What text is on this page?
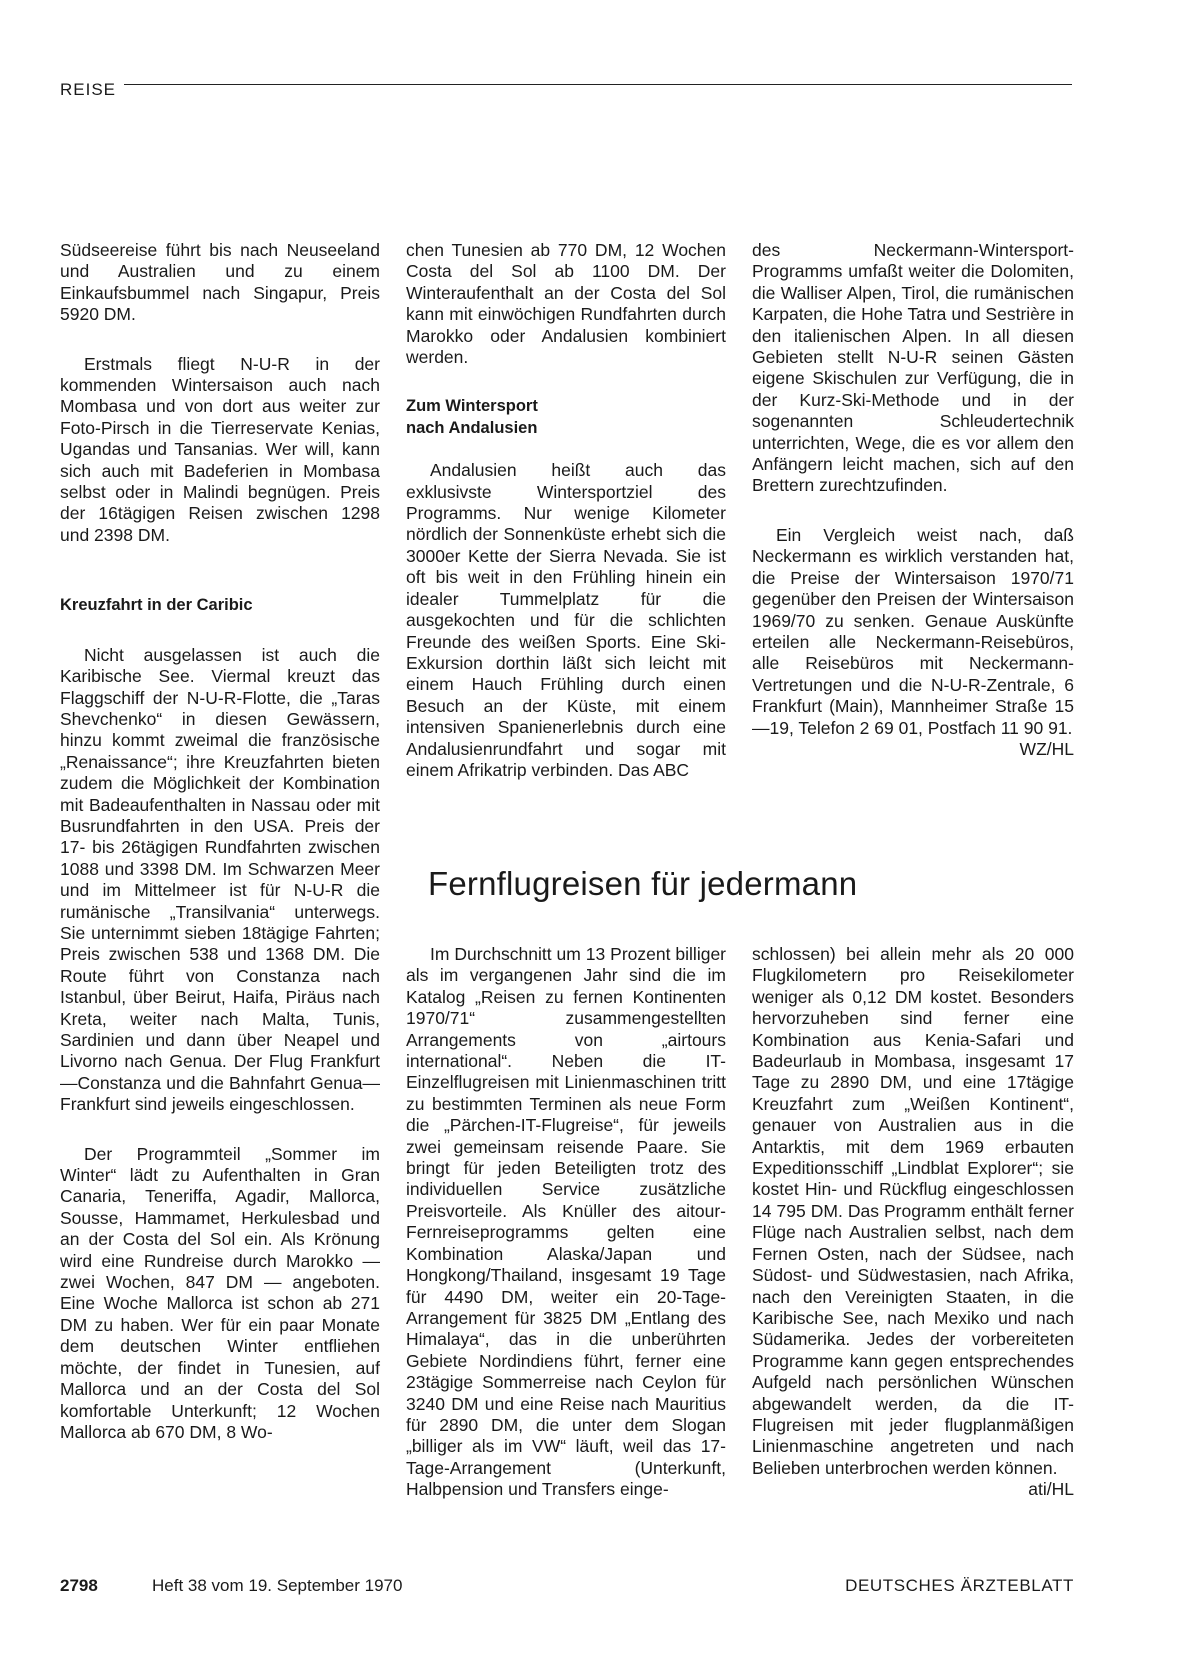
REISE

Südseereise führt bis nach Neuseeland und Australien und zu einem Einkaufsbummel nach Singapur, Preis 5920 DM.

Erstmals fliegt N-U-R in der kommenden Wintersaison auch nach Mombasa und von dort aus weiter zur Foto-Pirsch in die Tierreservate Kenias, Ugandas und Tansanias. Wer will, kann sich auch mit Badeferien in Mombasa selbst oder in Malindi begnügen. Preis der 16tägigen Reisen zwischen 1298 und 2398 DM.

Kreuzfahrt in der Caribic

Nicht ausgelassen ist auch die Karibische See. Viermal kreuzt das Flaggschiff der N-U-R-Flotte, die „Taras Shevchenko“ in diesen Gewässern, hinzu kommt zweimal die französische „Renaissance“; ihre Kreuzfahrten bieten zudem die Möglichkeit der Kombination mit Badeaufenthalten in Nassau oder mit Busrundfahrten in den USA. Preis der 17- bis 26tägigen Rundfahrten zwischen 1088 und 3398 DM. Im Schwarzen Meer und im Mittelmeer ist für N-U-R die rumänische „Transilvania“ unterwegs. Sie unternimmt sieben 18tägige Fahrten; Preis zwischen 538 und 1368 DM. Die Route führt von Constanza nach Istanbul, über Beirut, Haifa, Piräus nach Kreta, weiter nach Malta, Tunis, Sardinien und dann über Neapel und Livorno nach Genua. Der Flug Frankfurt—Constanza und die Bahnfahrt Genua—Frankfurt sind jeweils eingeschlossen.

Der Programmteil „Sommer im Winter“ lädt zu Aufenthalten in Gran Canaria, Teneriffa, Agadir, Mallorca, Sousse, Hammamet, Herkulesbad und an der Costa del Sol ein. Als Krönung wird eine Rundreise durch Marokko — zwei Wochen, 847 DM — angeboten. Eine Woche Mallorca ist schon ab 271 DM zu haben. Wer für ein paar Monate dem deutschen Winter entfliehen möchte, der findet in Tunesien, auf Mallorca und an der Costa del Sol komfortable Unterkunft; 12 Wochen Mallorca ab 670 DM, 8 Wo-

chen Tunesien ab 770 DM, 12 Wochen Costa del Sol ab 1100 DM. Der Winteraufenthalt an der Costa del Sol kann mit einwöchigen Rundfahrten durch Marokko oder Andalusien kombiniert werden.

Zum Wintersport
nach Andalusien

Andalusien heißt auch das exklusivste Wintersportziel des Programms. Nur wenige Kilometer nördlich der Sonnenküste erhebt sich die 3000er Kette der Sierra Nevada. Sie ist oft bis weit in den Frühling hinein ein idealer Tummelplatz für die ausgekochten und für die schlichten Freunde des weißen Sports. Eine Ski-Exkursion dorthin läßt sich leicht mit einem Hauch Frühling durch einen Besuch an der Küste, mit einem intensiven Spanienerlebnis durch eine Andalusienrundfahrt und sogar mit einem Afrikatrip verbinden. Das ABC

des Neckermann-Wintersport-Programms umfaßt weiter die Dolomiten, die Walliser Alpen, Tirol, die rumänischen Karpaten, die Hohe Tatra und Sestrière in den italienischen Alpen. In all diesen Gebieten stellt N-U-R seinen Gästen eigene Skischulen zur Verfügung, die in der Kurz-Ski-Methode und in der sogenannten Schleudertechnik unterrichten, Wege, die es vor allem den Anfängern leicht machen, sich auf den Brettern zurechtzufinden.

Ein Vergleich weist nach, daß Neckermann es wirklich verstanden hat, die Preise der Wintersaison 1970/71 gegenüber den Preisen der Wintersaison 1969/70 zu senken. Genaue Auskünfte erteilen alle Neckermann-Reisebüros, alle Reisebüros mit Neckermann-Vertretungen und die N-U-R-Zentrale, 6 Frankfurt (Main), Mannheimer Straße 15—19, Telefon 2 69 01, Postfach 11 90 91.
WZ/HL

Fernflugreisen für jedermann

Im Durchschnitt um 13 Prozent billiger als im vergangenen Jahr sind die im Katalog „Reisen zu fernen Kontinenten 1970/71“ zusammengestellten Arrangements von „airtours international“. Neben die IT-Einzelflugreisen mit Linienmaschinen tritt zu bestimmten Terminen als neue Form die „Pärchen-IT-Flugreise“, für jeweils zwei gemeinsam reisende Paare. Sie bringt für jeden Beteiligten trotz des individuellen Service zusätzliche Preisvorteile. Als Knüller des aitour-Fernreiseprogramms gelten eine Kombination Alaska/Japan und Hongkong/Thailand, insgesamt 19 Tage für 4490 DM, weiter ein 20-Tage-Arrangement für 3825 DM „Entlang des Himalaya“, das in die unberührten Gebiete Nordindiens führt, ferner eine 23tägige Sommerreise nach Ceylon für 3240 DM und eine Reise nach Mauritius für 2890 DM, die unter dem Slogan „billiger als im VW“ läuft, weil das 17-Tage-Arrangement (Unterkunft, Halbpension und Transfers einge-

schlossen) bei allein mehr als 20 000 Flugkilometern pro Reisekilometer weniger als 0,12 DM kostet. Besonders hervorzuheben sind ferner eine Kombination aus Kenia-Safari und Badeurlaub in Mombasa, insgesamt 17 Tage zu 2890 DM, und eine 17tägige Kreuzfahrt zum „Weißen Kontinent“, genauer von Australien aus in die Antarktis, mit dem 1969 erbauten Expeditionsschiff „Lindblat Explorer“; sie kostet Hin- und Rückflug eingeschlossen 14 795 DM. Das Programm enthält ferner Flüge nach Australien selbst, nach dem Fernen Osten, nach der Südsee, nach Südost- und Südwestasien, nach Afrika, nach den Vereinigten Staaten, in die Karibische See, nach Mexiko und nach Südamerika. Jedes der vorbereiteten Programme kann gegen entsprechendes Aufgeld nach persönlichen Wünschen abgewandelt werden, da die IT-Flugreisen mit jeder flugplanmäßigen Linienmaschine angetreten und nach Belieben unterbrochen werden können.
ati/HL

2798	Heft 38 vom 19. September 1970	DEUTSCHES ÄRZTEBLATT
